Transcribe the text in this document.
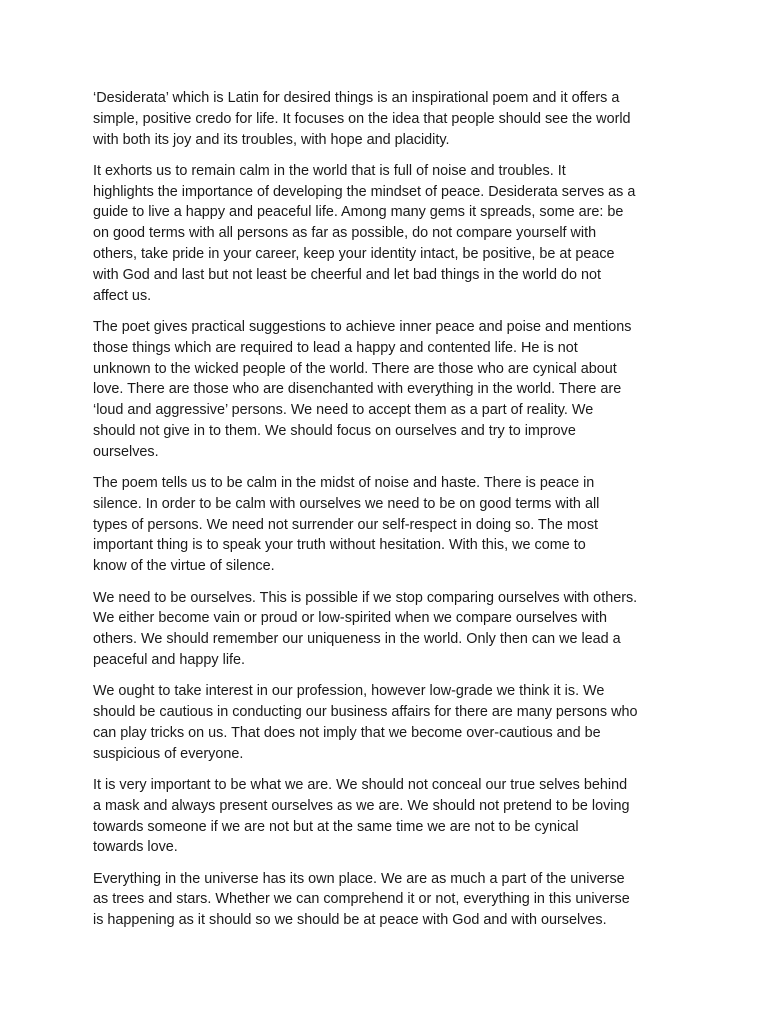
‘Desiderata’ which is Latin for desired things is an inspirational poem and it offers a
simple, positive credo for life. It focuses on the idea that people should see the world
with both its joy and its troubles, with hope and placidity.

It exhorts us to remain calm in the world that is full of noise and troubles. It
highlights the importance of developing the mindset of peace. Desiderata serves as a
guide to live a happy and peaceful life. Among many gems it spreads, some are: be
on good terms with all persons as far as possible, do not compare yourself with
others, take pride in your career, keep your identity intact, be positive, be at peace
with God and last but not least be cheerful and let bad things in the world do not
affect us.

The poet gives practical suggestions to achieve inner peace and poise and mentions
those things which are required to lead a happy and contented life. He is not
unknown to the wicked people of the world. There are those who are cynical about
love. There are those who are disenchanted with everything in the world. There are
‘loud and aggressive’ persons. We need to accept them as a part of reality. We
should not give in to them. We should focus on ourselves and try to improve
ourselves.

The poem tells us to be calm in the midst of noise and haste. There is peace in
silence. In order to be calm with ourselves we need to be on good terms with all
types of persons. We need not surrender our self-respect in doing so. The most
important thing is to speak your truth without hesitation. With this, we come to
know of the virtue of silence.

We need to be ourselves. This is possible if we stop comparing ourselves with others.
We either become vain or proud or low-spirited when we compare ourselves with
others. We should remember our uniqueness in the world. Only then can we lead a
peaceful and happy life.

We ought to take interest in our profession, however low-grade we think it is. We
should be cautious in conducting our business affairs for there are many persons who
can play tricks on us. That does not imply that we become over-cautious and be
suspicious of everyone.

It is very important to be what we are. We should not conceal our true selves behind
a mask and always present ourselves as we are. We should not pretend to be loving
towards someone if we are not but at the same time we are not to be cynical
towards love.

Everything in the universe has its own place. We are as much a part of the universe
as trees and stars. Whether we can comprehend it or not, everything in this universe
is happening as it should so we should be at peace with God and with ourselves.
